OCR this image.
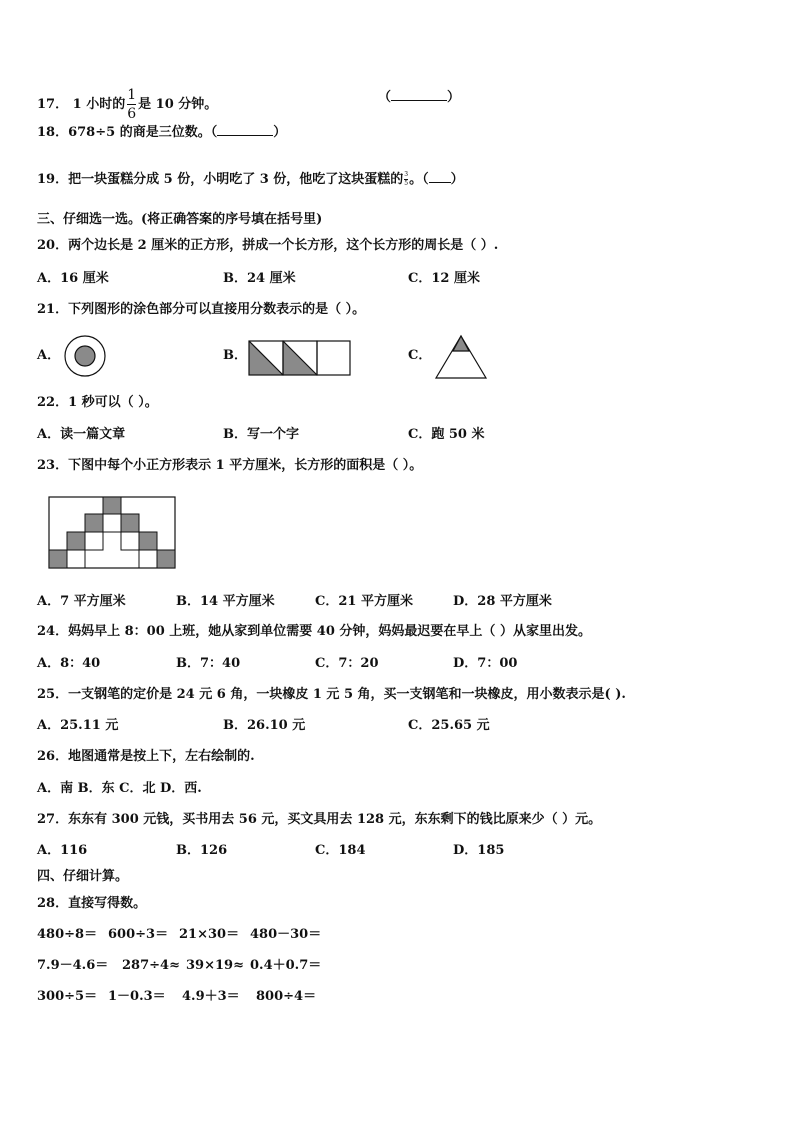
17． 1 小时的 $\frac{1}{6}$ 是 10 分钟。	（	）
18．678÷5 的商是三位数。（	）
19．把一块蛋糕分成 5 份，小明吃了 3 份，他吃了这块蛋糕的$\frac{3}{5}$。（ ）
三、仔细选一选。(将正确答案的序号填在括号里)
20．两个边长是 2 厘米的正方形，拼成一个长方形，这个长方形的周长是（ ）.
A．16 厘米	B．24 厘米	C．12 厘米
21．下列图形的涂色部分可以直接用分数表示的是（ ）。
A．	B．	C．
22．1 秒可以（ ）。
A．读一篇文章	B．写一个字	C．跑 50 米
23．下图中每个小正方形表示 1 平方厘米，长方形的面积是（ ）。
A．7 平方厘米	B．14 平方厘米	C．21 平方厘米	D．28 平方厘米
24．妈妈早上 8：00 上班，她从家到单位需要 40 分钟，妈妈最迟要在早上（ ）从家里出发。
A．8：40	B．7：40	C．7：20	D．7：00
25．一支钢笔的定价是 24 元 6 角，一块橡皮 1 元 5 角，买一支钢笔和一块橡皮，用小数表示是( ).
A．25.11 元	B．26.10 元	C．25.65 元
26．地图通常是按上下，左右绘制的.
A．南 B．东 C．北 D．西.
27．东东有 300 元钱，买书用去 56 元，买文具用去 128 元，东东剩下的钱比原来少（ ）元。
A．116	B．126	C．184	D．185
四、仔细计算。
28．直接写得数。
480÷8＝ 600÷3＝ 21×30＝ 480－30＝
7.9－4.6＝ 287÷4≈ 39×19≈ 0.4＋0.7＝
300÷5＝ 1－0.3＝ 4.9＋3＝ 800÷4＝
